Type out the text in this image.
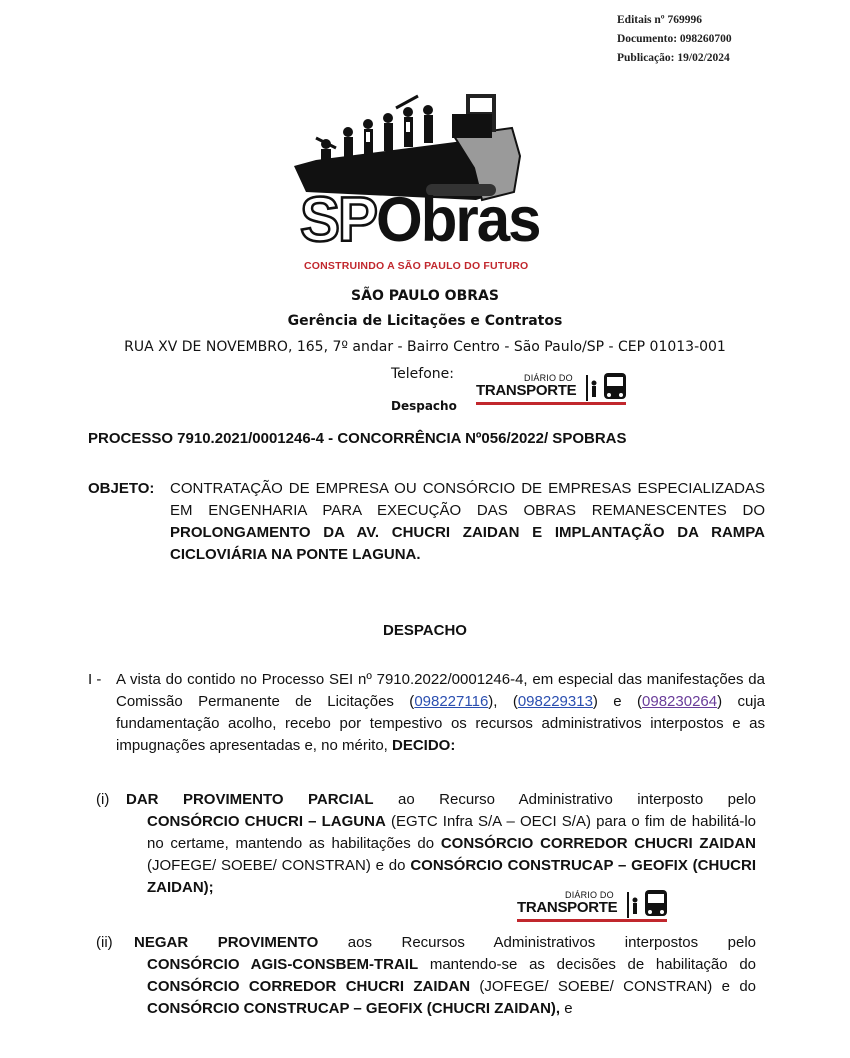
Editais nº 769996
Documento: 098260700
Publicação: 19/02/2024
SPObras
CONSTRUINDO A SÃO PAULO DO FUTURO
SÃO PAULO OBRAS
Gerência de Licitações e Contratos
RUA XV DE NOVEMBRO, 165, 7º andar - Bairro Centro - São Paulo/SP - CEP 01013-001
Telefone:
Despacho
DIÁRIO DO
TRANSPORTE
PROCESSO 7910.2021/0001246-4 - CONCORRÊNCIA Nº056/2022/ SPOBRAS
OBJETO: CONTRATAÇÃO DE EMPRESA OU CONSÓRCIO DE EMPRESAS ESPECIALIZADAS EM ENGENHARIA PARA EXECUÇÃO DAS OBRAS REMANESCENTES DO PROLONGAMENTO DA AV. CHUCRI ZAIDAN E IMPLANTAÇÃO DA RAMPA CICLOVIÁRIA NA PONTE LAGUNA.
DESPACHO
I - A vista do contido no Processo SEI nº 7910.2022/0001246-4, em especial das manifestações da Comissão Permanente de Licitações (098227116), (098229313) e (098230264) cuja fundamentação acolho, recebo por tempestivo os recursos administrativos interpostos e as impugnações apresentadas e, no mérito, DECIDO:
(i) DAR PROVIMENTO PARCIAL ao Recurso Administrativo interposto pelo
CONSÓRCIO CHUCRI – LAGUNA (EGTC Infra S/A – OECI S/A) para o fim de habilitá-lo no certame, mantendo as habilitações do CONSÓRCIO CORREDOR CHUCRI ZAIDAN (JOFEGE/ SOEBE/ CONSTRAN) e do CONSÓRCIO CONSTRUCAP – GEOFIX (CHUCRI ZAIDAN);	DIÁRIO DO
TRANSPORTE
(ii) NEGAR PROVIMENTO aos Recursos Administrativos interpostos pelo
CONSÓRCIO AGIS-CONSBEM-TRAIL mantendo-se as decisões de habilitação do CONSÓRCIO CORREDOR CHUCRI ZAIDAN (JOFEGE/ SOEBE/ CONSTRAN) e do CONSÓRCIO CONSTRUCAP – GEOFIX (CHUCRI ZAIDAN), e
